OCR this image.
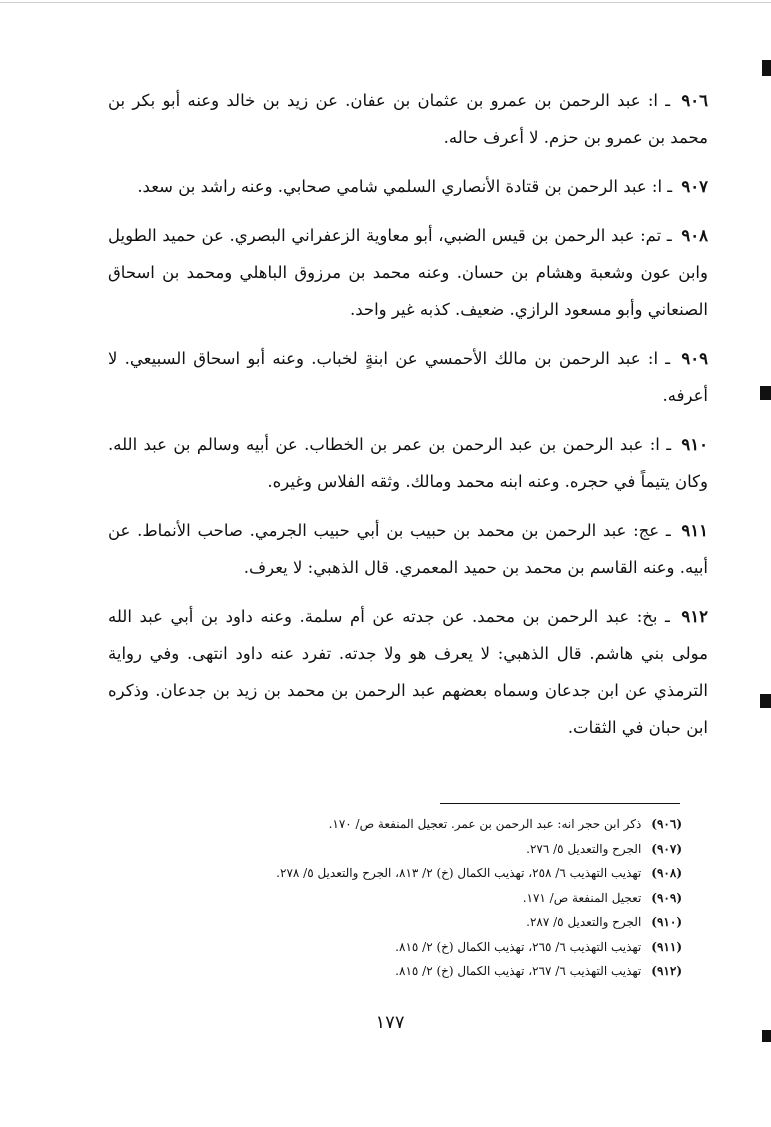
٩٠٦ ـ ا: عبد الرحمن بن عمرو بن عثمان بن عفان. عن زيد بن خالد وعنه أبو بكر بن محمد بن عمرو بن حزم. لا أعرف حاله.
٩٠٧ ـ ا: عبد الرحمن بن قتادة الأنصاري السلمي شامي صحابي. وعنه راشد بن سعد.
٩٠٨ ـ تم: عبد الرحمن بن قيس الضبي، أبو معاوية الزعفراني البصري. عن حميد الطويل وابن عون وشعبة وهشام بن حسان. وعنه محمد بن مرزوق الباهلي ومحمد بن اسحاق الصنعاني وأبو مسعود الرازي. ضعيف. كذبه غير واحد.
٩٠٩ ـ ا: عبد الرحمن بن مالك الأحمسي عن ابنةٍ لخباب. وعنه أبو اسحاق السبيعي. لا أعرفه.
٩١٠ ـ ا: عبد الرحمن بن عبد الرحمن بن عمر بن الخطاب. عن أبيه وسالم بن عبد الله. وكان يتيماً في حجره. وعنه ابنه محمد ومالك. وثقه الفلاس وغيره.
٩١١ ـ عج: عبد الرحمن بن محمد بن حبيب بن أبي حبيب الجرمي. صاحب الأنماط. عن أبيه. وعنه القاسم بن محمد بن حميد المعمري. قال الذهبي: لا يعرف.
٩١٢ ـ بخ: عبد الرحمن بن محمد. عن جدته عن أم سلمة. وعنه داود بن أبي عبد الله مولى بني هاشم. قال الذهبي: لا يعرف هو ولا جدته. تفرد عنه داود انتهى. وفي رواية الترمذي عن ابن جدعان وسماه بعضهم عبد الرحمن بن محمد بن زيد بن جدعان. وذكره ابن حبان في الثقات.
(٩٠٦)ذكر ابن حجر انه: عبد الرحمن بن عمر. تعجيل المنفعة ص/ ١٧٠.
(٩٠٧)الجرح والتعديل ٥/ ٢٧٦.
(٩٠٨)تهذيب التهذيب ٦/ ٢٥٨، تهذيب الكمال (خ) ٢/ ٨١٣، الجرح والتعديل ٥/ ٢٧٨.
(٩٠٩)تعجيل المنفعة ص/ ١٧١.
(٩١٠)الجرح والتعديل ٥/ ٢٨٧.
(٩١١)تهذيب التهذيب ٦/ ٢٦٥، تهذيب الكمال (خ) ٢/ ٨١٥.
(٩١٢)تهذيب التهذيب ٦/ ٢٦٧، تهذيب الكمال (خ) ٢/ ٨١٥.
١٧٧
